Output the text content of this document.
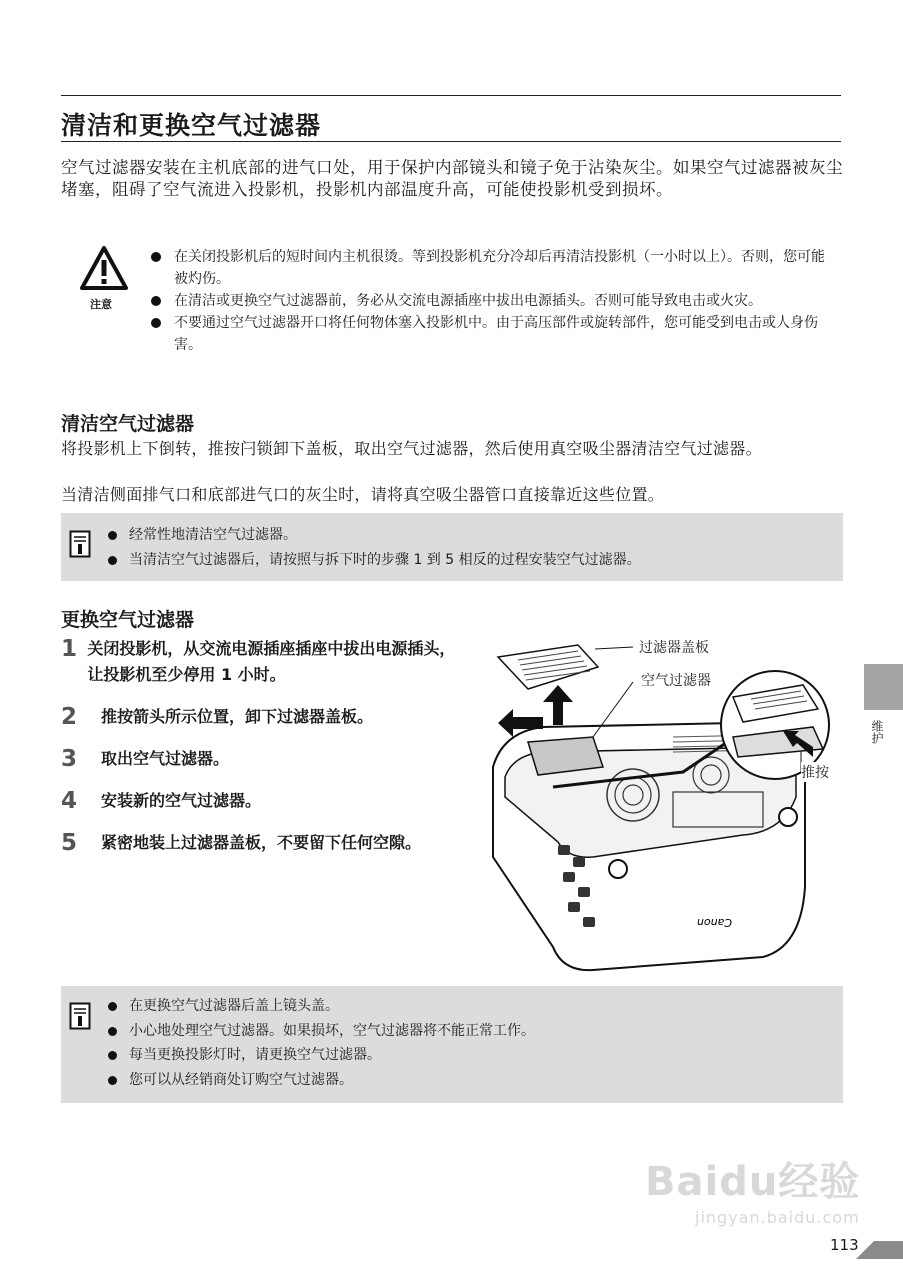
清洁和更换空气过滤器
空气过滤器安装在主机底部的进气口处，用于保护内部镜头和镜子免于沾染灰尘。如果空气过滤器被灰尘堵塞，阻碍了空气流进入投影机，投影机内部温度升高，可能使投影机受到损坏。
注意
在关闭投影机后的短时间内主机很烫。等到投影机充分冷却后再清洁投影机（一小时以上）。否则，您可能被灼伤。
在清洁或更换空气过滤器前，务必从交流电源插座中拔出电源插头。否则可能导致电击或火灾。
不要通过空气过滤器开口将任何物体塞入投影机中。由于高压部件或旋转部件，您可能受到电击或人身伤害。
清洁空气过滤器
将投影机上下倒转，推按闩锁卸下盖板，取出空气过滤器，然后使用真空吸尘器清洁空气过滤器。
当清洁侧面排气口和底部进气口的灰尘时，请将真空吸尘器管口直接靠近这些位置。
经常性地清洁空气过滤器。
当清洁空气过滤器后，请按照与拆下时的步骤 1 到 5 相反的过程安装空气过滤器。
更换空气过滤器
1 关闭投影机，从交流电源插座插座中拔出电源插头，让投影机至少停用 1 小时。
2	推按箭头所示位置，卸下过滤器盖板。
3	取出空气过滤器。
4	安装新的空气过滤器。
5	紧密地装上过滤器盖板，不要留下任何空隙。
Canon
过滤器盖板
空气过滤器
推按
在更换空气过滤器后盖上镜头盖。
小心地处理空气过滤器。如果损坏，空气过滤器将不能正常工作。
每当更换投影灯时，请更换空气过滤器。
您可以从经销商处订购空气过滤器。
维护
Baidu经验
jingyan.baidu.com
113
